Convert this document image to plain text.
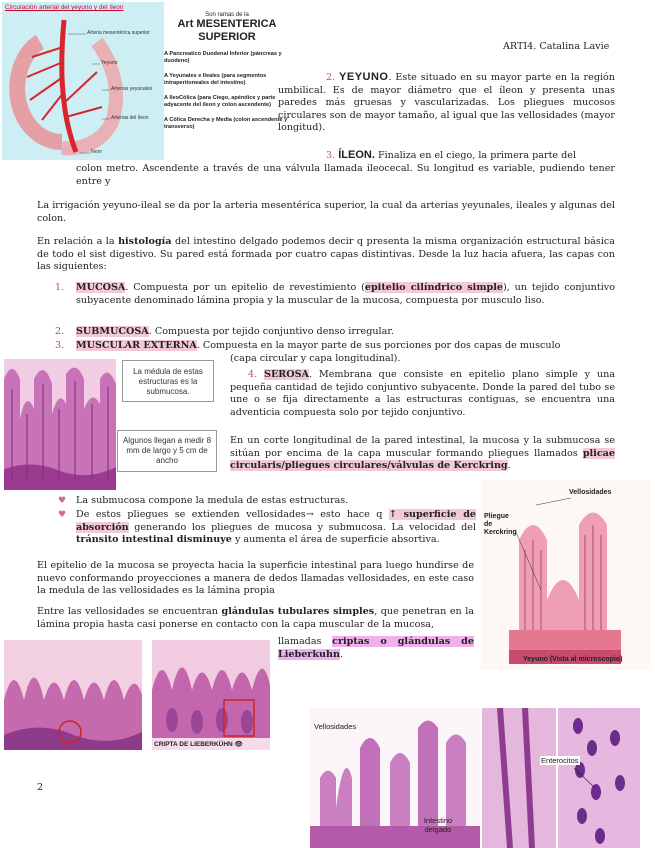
Circulación arterial del yeyuno y del íleon
Arteria mesentérica superior
Yeyuno
Arterias yeyunales
Arterias del íleon
Íleon
Son ramas de la
Art MESENTERICA
SUPERIOR
A Pancreatico Duodenal Inferior (páncreas y duodeno)
A Yeyunales e Ileales (para segmentos intraperitoneales del intestino)
A IleoCólica (para Ciego, apéndice y parte adyacente del íleon y colon ascendente)
A Cólica Derecha y Media (colon ascendente y transverso)
ARTI4. Catalina Lavie
2. YEYUNO. Este situado en su mayor parte en la región umbilical. Es de mayor diámetro que el íleon y presenta unas paredes más gruesas y vascularizadas. Los pliegues mucosos circulares son de mayor tamaño, al igual que las vellosidades (mayor longitud).
3. ÍLEON. Finaliza en el ciego, la primera parte del
colon metro. Ascendente a través de una válvula llamada ileocecal. Su longitud es variable, pudiendo tener entre y
La irrigación yeyuno-ileal se da por la arteria mesentérica superior, la cual da arterias yeyunales, ileales y algunas del colon.
En relación a la histología del intestino delgado podemos decir q presenta la misma organización estructural básica de todo el sist digestivo. Su pared está formada por cuatro capas distintivas. Desde la luz hacia afuera, las capas con las siguientes:
1. MUCOSA. Compuesta por un epitelio de revestimiento (epitelio cilíndrico simple), un tejido conjuntivo subyacente denominado lámina propia y la muscular de la mucosa, compuesta por musculo liso.
2. SUBMUCOSA. Compuesta por tejido conjuntivo denso irregular.
3. MUSCULAR EXTERNA. Compuesta en la mayor parte de sus porciones por dos capas de musculo
(capa circular y capa longitudinal).
La médula de estas estructuras es la submucosa.
Algunos llegan a medir 8 mm de largo y 5 cm de ancho
4. SEROSA. Membrana que consiste en epitelio plano simple y una pequeña cantidad de tejido conjuntivo subyacente. Donde la pared del tubo se une o se fija directamente a las estructuras contiguas, se encuentra una adventicia compuesta solo por tejido conjuntivo.
En un corte longitudinal de la pared intestinal, la mucosa y la submucosa se sitúan por encima de la capa muscular formando pliegues llamados plicae circularis/pliegues circulares/válvulas de Kerckring.
♥ La submucosa compone la medula de estas estructuras.
♥ De estos pliegues se extienden vellosidades→ esto hace q ↑ superficie de absorción generando los pliegues de mucosa y submucosa. La velocidad del tránsito intestinal disminuye y aumenta el área de superficie absortiva.
Vellosidades
Pliegue de Kerckring
Yeyuno (Vista al microscopio)
El epitelio de la mucosa se proyecta hacia la superficie intestinal para luego hundirse de nuevo conformando proyecciones a manera de dedos llamadas vellosidades, en este caso la medula de las vellosidades es la lámina propia
Entre las vellosidades se encuentran glándulas tubulares simples, que penetran en la lámina propia hasta casi ponerse en contacto con la capa muscular de la mucosa,
llamadas criptas o glándulas de Lieberkuhn.
CRIPTA DE LIEBERKÜHN 👁
Vellosidades
Enterocitos
Intestino delgado
2
